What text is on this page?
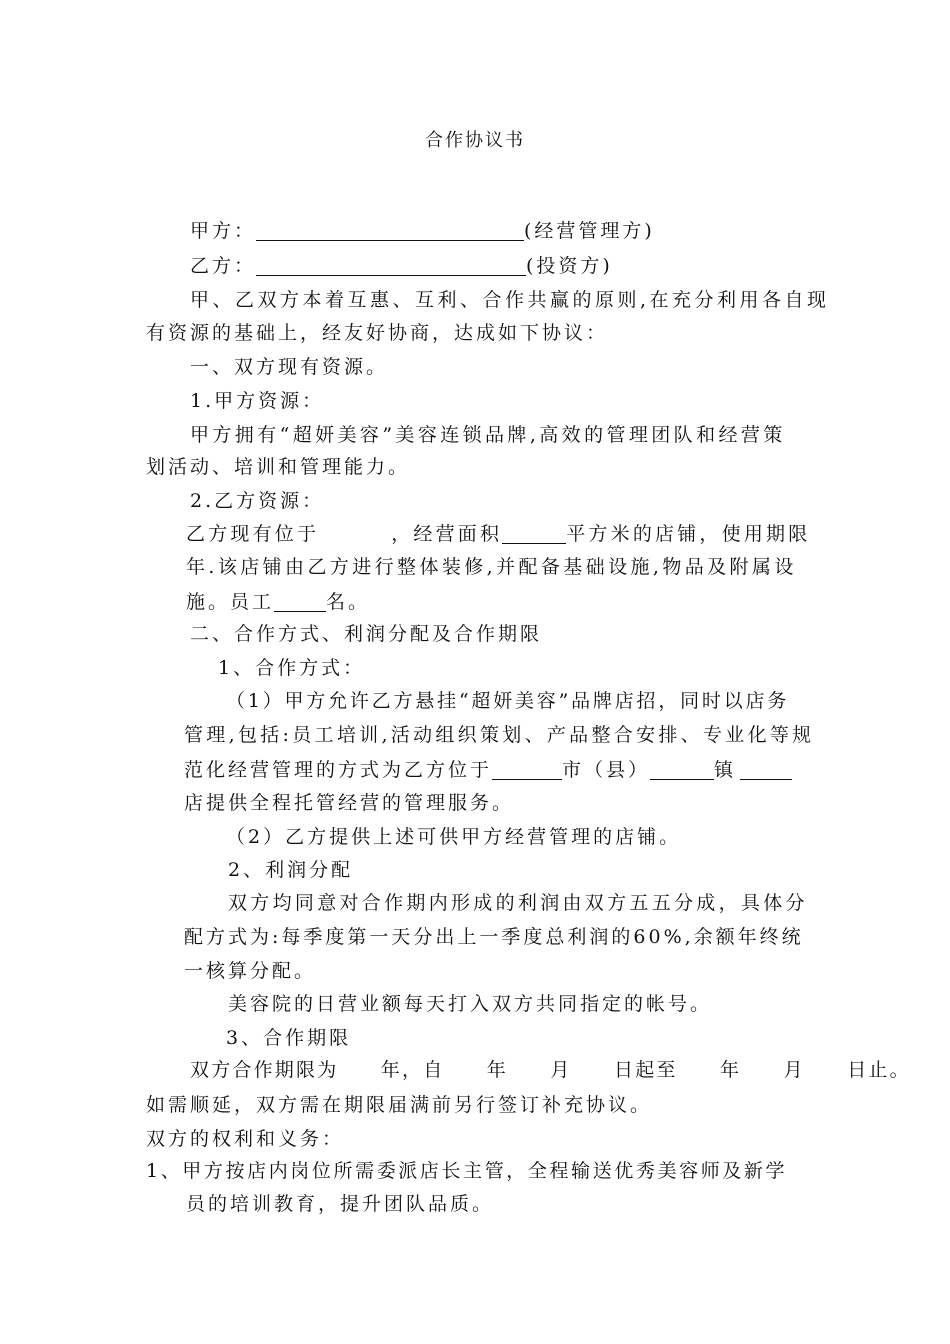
合作协议书
甲方：	(经营管理方)
乙方：	(投资方)
甲、乙双方本着互惠、互利、合作共赢的原则,在充分利用各自现
有资源的基础上，经友好协商，达成如下协议：
一、双方现有资源。
1.甲方资源：
甲方拥有“超妍美容”美容连锁品牌,高效的管理团队和经营策
划活动、培训和管理能力。
2.乙方资源：
乙方现有位于	，经营面积	平方米的店铺，使用期限
年.该店铺由乙方进行整体装修,并配备基础设施,物品及附属设
施。员工	名。
二、合作方式、利润分配及合作期限
1、合作方式：
（1）甲方允许乙方悬挂“超妍美容”品牌店招，同时以店务
管理,包括:员工培训,活动组织策划、产品整合安排、专业化等规
范化经营管理的方式为乙方位于	市（县）	镇
店提供全程托管经营的管理服务。
（2）乙方提供上述可供甲方经营管理的店铺。
2、利润分配
双方均同意对合作期内形成的利润由双方五五分成，具体分
配方式为:每季度第一天分出上一季度总利润的60%,余额年终统
一核算分配。
美容院的日营业额每天打入双方共同指定的帐号。
3、合作期限
双方合作期限为　　年，自　　年　　月　　日起至　　年　　月　　日止。
如需顺延，双方需在期限届满前另行签订补充协议。
双方的权利和义务：
1、甲方按店内岗位所需委派店长主管，全程输送优秀美容师及新学
员的培训教育，提升团队品质。
